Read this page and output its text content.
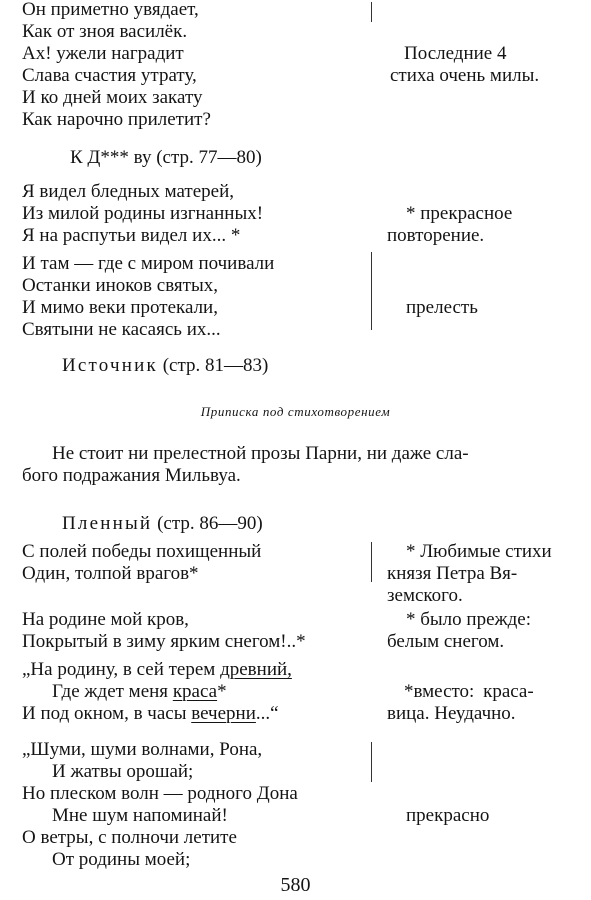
Он приметно увядает,
Как от зноя василёк.
Ах! ужели наградит
Слава счастия утрату,
И ко дней моих закату
Как нарочно прилетит?
Последние 4
стиха очень милы.
К Д*** ву (стр. 77—80)
Я видел бледных матерей,
Из милой родины изгнанных!
Я на распутьи видел их... *
* прекрасное
повторение.
И там — где с миром почивали
Останки иноков святых,
И мимо веки протекали,
Святыни не касаясь их...
прелесть
Источник (стр. 81—83)
Приписка под стихотворением
Не стоит ни прелестной прозы Парни, ни даже сла-
бого подражания Мильвуа.
Пленный (стр. 86—90)
С полей победы похищенный
Один, толпой врагов*
* Любимые стихи
князя Петра Вя-
земского.
На родине мой кров,
Покрытый в зиму ярким снегом!..*
* было прежде:
белым снегом.
„На родину, в сей терем древний,
Где ждет меня краса*
И под окном, в часы вечерни...“
*вместо: краса-
вица. Неудачно.
„Шуми, шуми волнами, Рона,
И жатвы орошай;
Но плеском волн — родного Дона
Мне шум напоминай!
О ветры, с полночи летите
От родины моей;
прекрасно
580
